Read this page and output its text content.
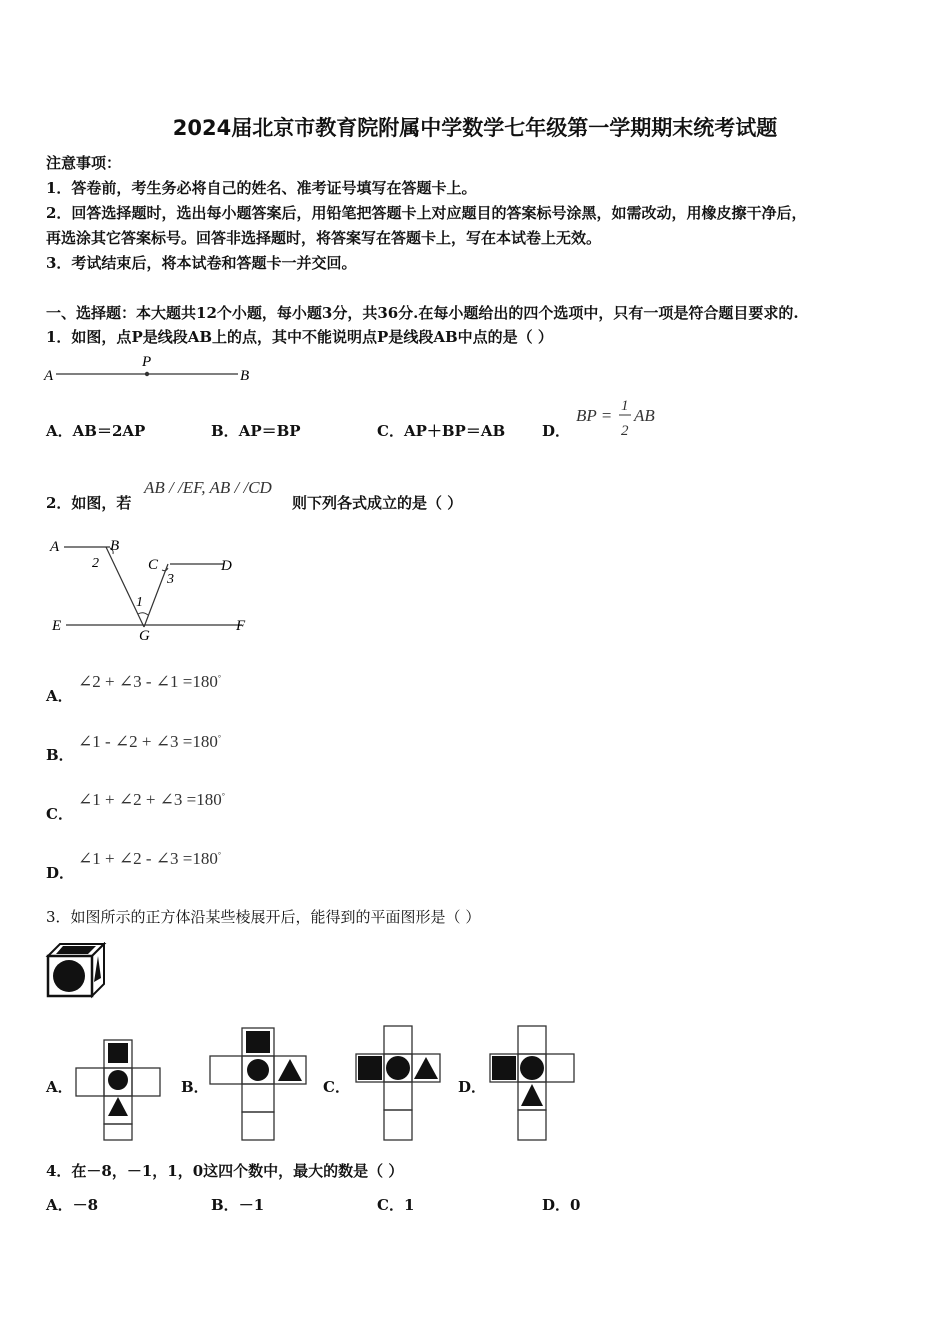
2024届北京市教育院附属中学数学七年级第一学期期末统考试题
注意事项：
1．答卷前，考生务必将自己的姓名、准考证号填写在答题卡上。
2．回答选择题时，选出每小题答案后，用铅笔把答题卡上对应题目的答案标号涂黑，如需改动，用橡皮擦干净后，
再选涂其它答案标号。回答非选择题时，将答案写在答题卡上，写在本试卷上无效。
3．考试结束后，将本试卷和答题卡一并交回。
一、选择题：本大题共12个小题，每小题3分，共36分.在每小题给出的四个选项中，只有一项是符合题目要求的.
1．如图，点P是线段AB上的点，其中不能说明点P是线段AB中点的是（ ）
A
P
B
A．AB＝2AP	B．AP＝BP	C．AP＋BP＝AB D．
BP = 1
2
AB
2．如图，若
AB / /EF, AB / /CD
则下列各式成立的是（ ）
A	B
C	D
E	F
G
1
2
3
A．
∠2 + ∠3 - ∠1 =180°
B．
∠1 - ∠2 + ∠3 =180°
C．
∠1 + ∠2 + ∠3 =180°
D．
∠1 + ∠2 - ∠3 =180°
3．如图所示的正方体沿某些棱展开后，能得到的平面图形是（ ）
A．	B．	C．	D．
4．在－8，－1，1，0这四个数中，最大的数是（ ）
A．－8	B．－1	C．1	D．0
